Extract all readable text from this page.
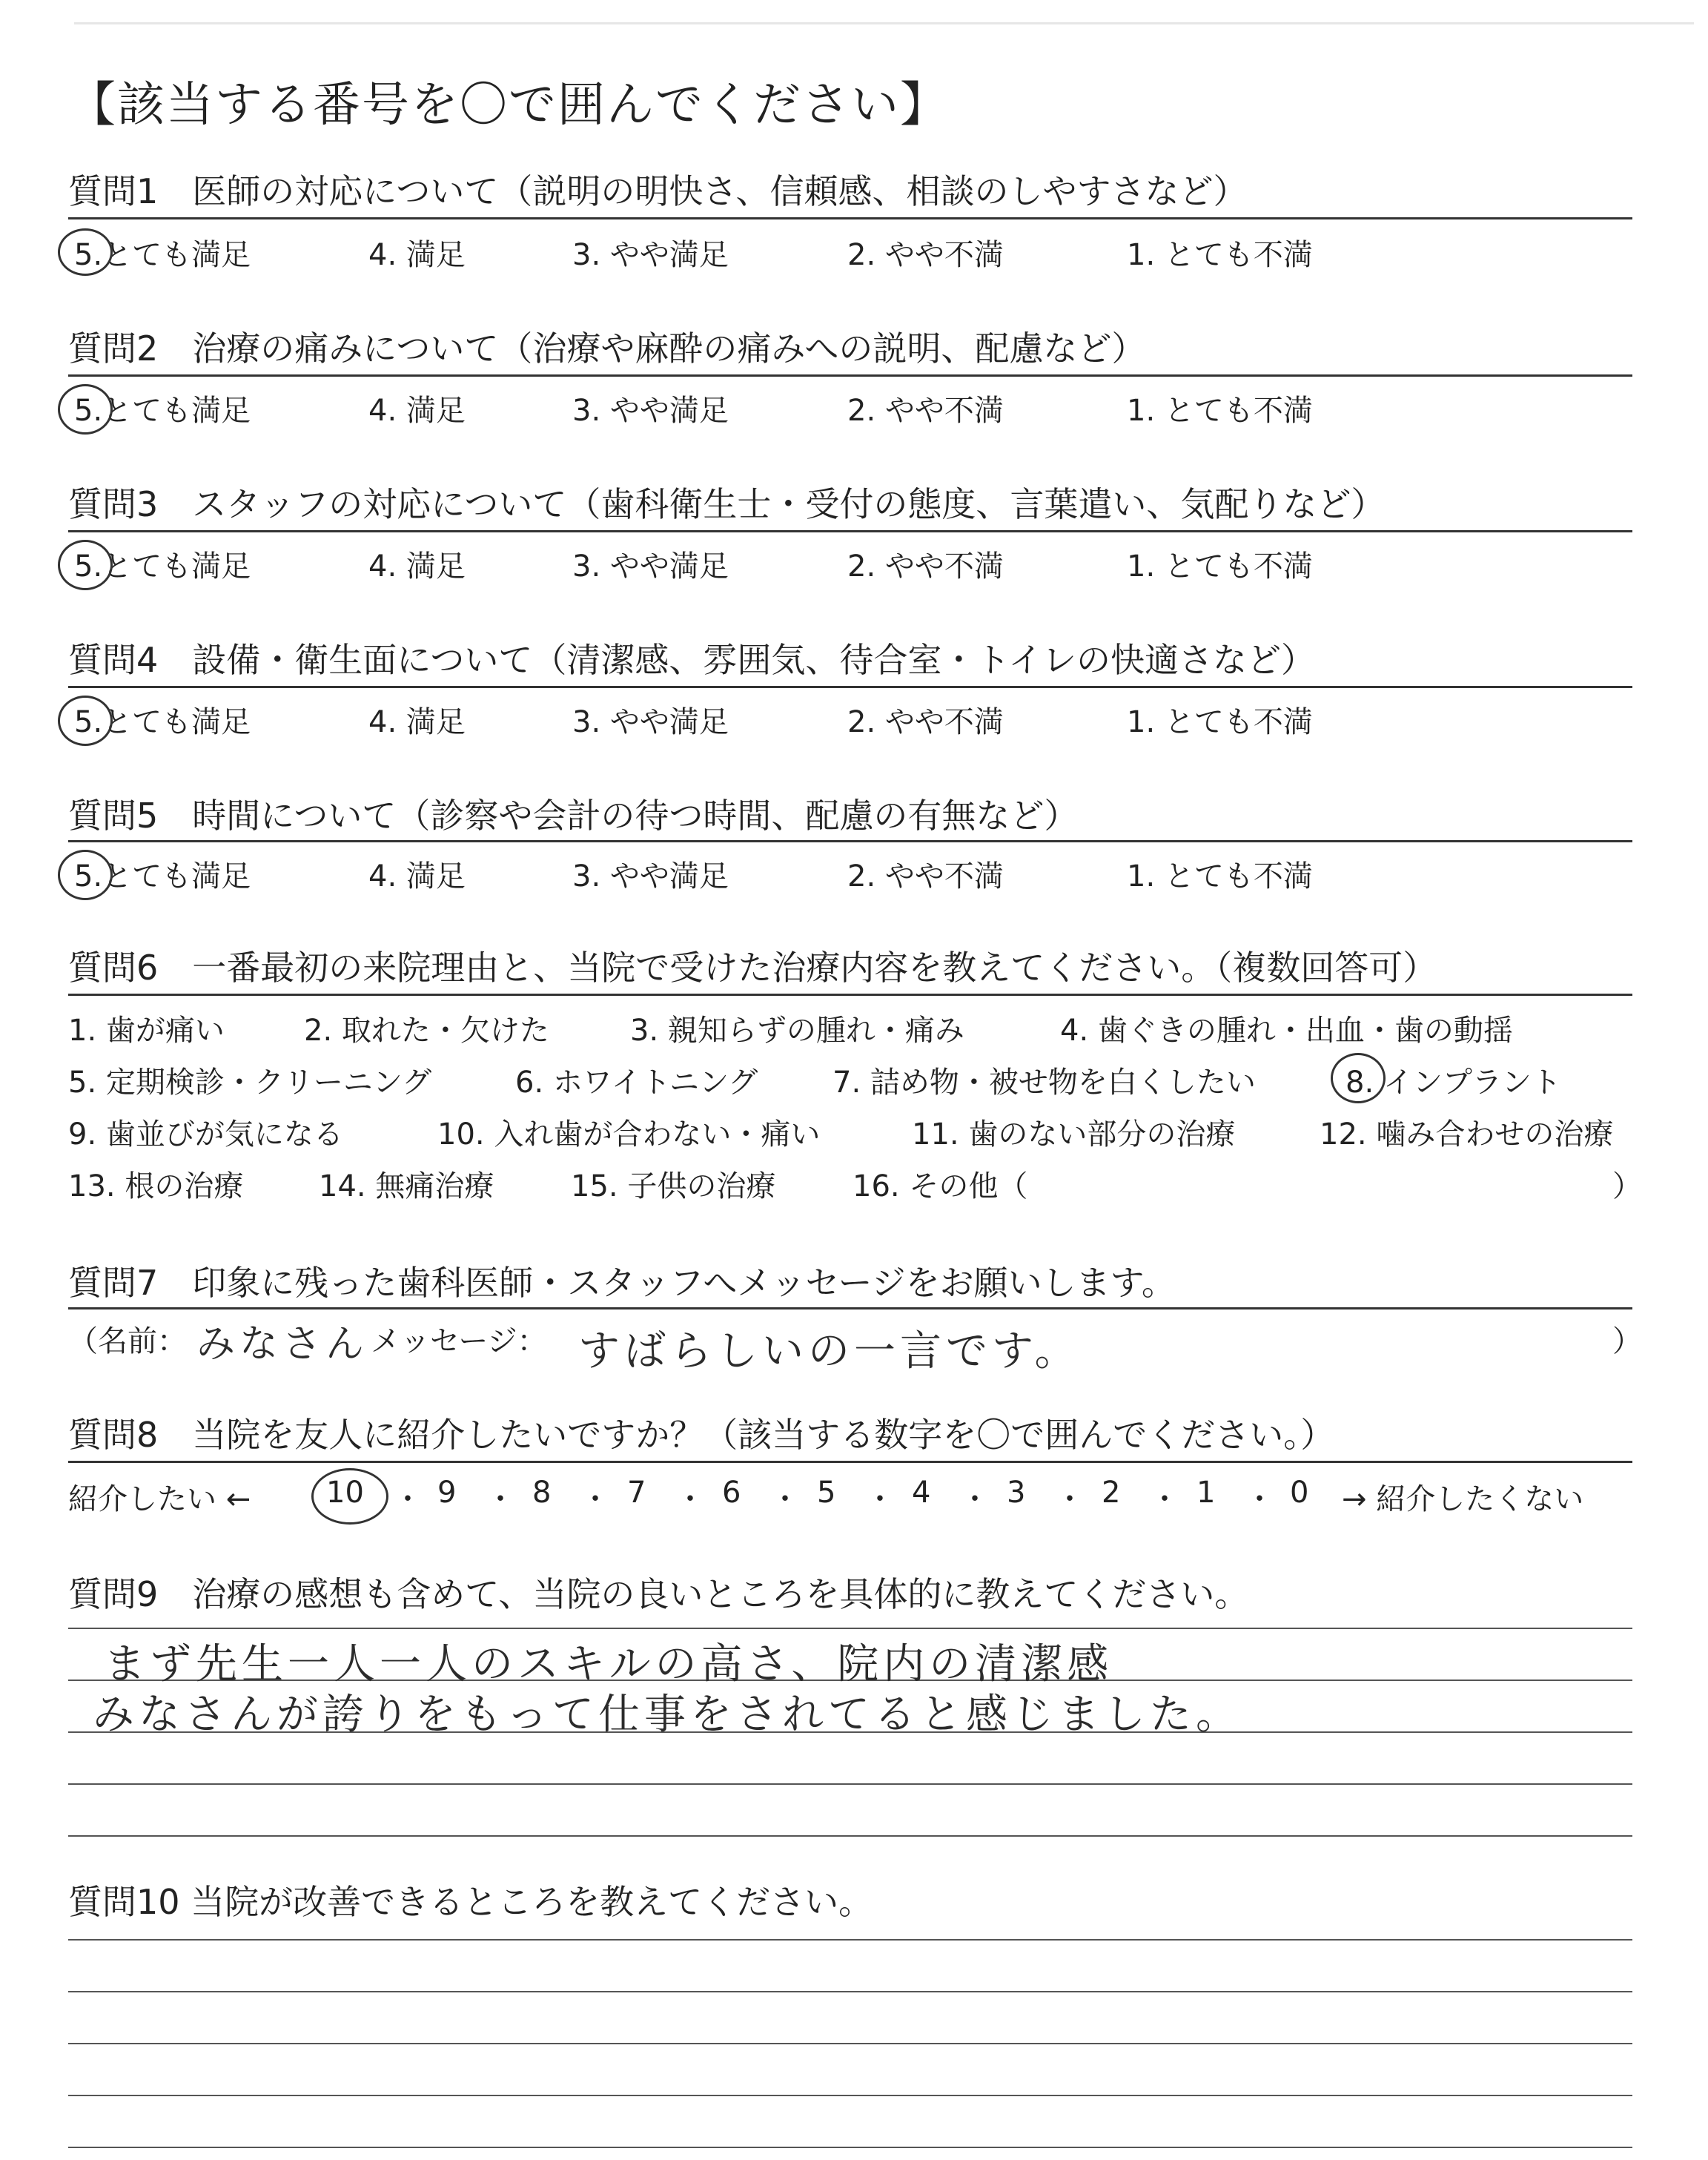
【該当する番号を〇で囲んでください】
質問1　医師の対応について（説明の明快さ、信頼感、相談のしやすさなど）
5.とても満足	4. 満足	3. やや満足	2. やや不満	1. とても不満
質問2　治療の痛みについて（治療や麻酔の痛みへの説明、配慮など）
5.とても満足	4. 満足	3. やや満足	2. やや不満	1. とても不満
質問3　スタッフの対応について（歯科衛生士・受付の態度、言葉遣い、気配りなど）
5.とても満足	4. 満足	3. やや満足	2. やや不満	1. とても不満
質問4　設備・衛生面について（清潔感、雰囲気、待合室・トイレの快適さなど）
5.とても満足	4. 満足	3. やや満足	2. やや不満	1. とても不満
質問5　時間について（診察や会計の待つ時間、配慮の有無など）
5.とても満足	4. 満足	3. やや満足	2. やや不満	1. とても不満
質問6　一番最初の来院理由と、当院で受けた治療内容を教えてください。（複数回答可）
1. 歯が痛い	2. 取れた・欠けた	3. 親知らずの腫れ・痛み	4. 歯ぐきの腫れ・出血・歯の動揺
5. 定期検診・クリーニング	6. ホワイトニング	7. 詰め物・被せ物を白くしたい	8. インプラント
9. 歯並びが気になる	10. 入れ歯が合わない・痛い	11. 歯のない部分の治療	12. 噛み合わせの治療
13. 根の治療	14. 無痛治療	15. 子供の治療	16. その他（	）
質問7　印象に残った歯科医師・スタッフへメッセージをお願いします。
（名前： みなさん メッセージ： すばらしいの一言です。	）
質問8　当院を友人に紹介したいですか？（該当する数字を〇で囲んでください。）
紹介したい ←	10 ・ 9 ・ 8 ・ 7 ・ 6 ・ 5 ・ 4 ・ 3 ・ 2 ・ 1 ・ 0 → 紹介したくない
質問9　治療の感想も含めて、当院の良いところを具体的に教えてください。
まず先生一人一人のスキルの高さ、院内の清潔感
みなさんが誇りをもって仕事をされてると感じました。
質問10 当院が改善できるところを教えてください。
